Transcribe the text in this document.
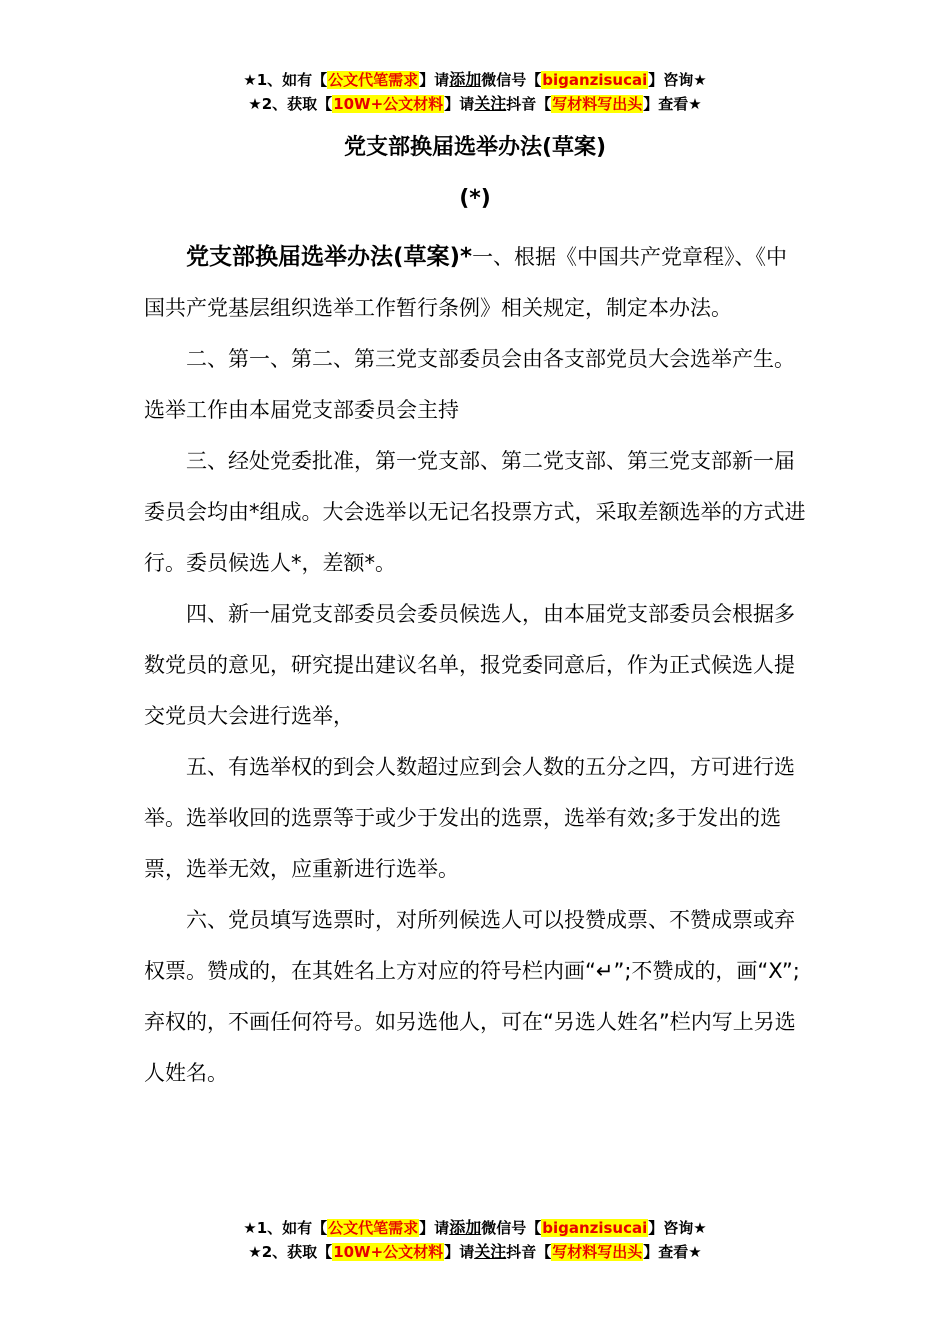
★1、如有【公文代笔需求】请添加微信号【biganzisucai】咨询★
★2、获取【10W+公文材料】请关注抖音【写材料写出头】查看★
党支部换届选举办法(草案)
(*)

党支部换届选举办法(草案)*一、根据《中国共产党章程》、《中国共产党基层组织选举工作暂行条例》相关规定，制定本办法。

二、第一、第二、第三党支部委员会由各支部党员大会选举产生。选举工作由本届党支部委员会主持

三、经处党委批准，第一党支部、第二党支部、第三党支部新一届委员会均由*组成。大会选举以无记名投票方式，采取差额选举的方式进行。委员候选人*，差额*。

四、新一届党支部委员会委员候选人，由本届党支部委员会根据多数党员的意见，研究提出建议名单，报党委同意后，作为正式候选人提交党员大会进行选举，

五、有选举权的到会人数超过应到会人数的五分之四，方可进行选举。选举收回的选票等于或少于发出的选票，选举有效;多于发出的选票，选举无效，应重新进行选举。

六、党员填写选票时，对所列候选人可以投赞成票、不赞成票或弃权票。赞成的，在其姓名上方对应的符号栏内画“↵”;不赞成的，画“X”;弃权的，不画任何符号。如另选他人，可在“另选人姓名”栏内写上另选人姓名。

★1、如有【公文代笔需求】请添加微信号【biganzisucai】咨询★
★2、获取【10W+公文材料】请关注抖音【写材料写出头】查看★
